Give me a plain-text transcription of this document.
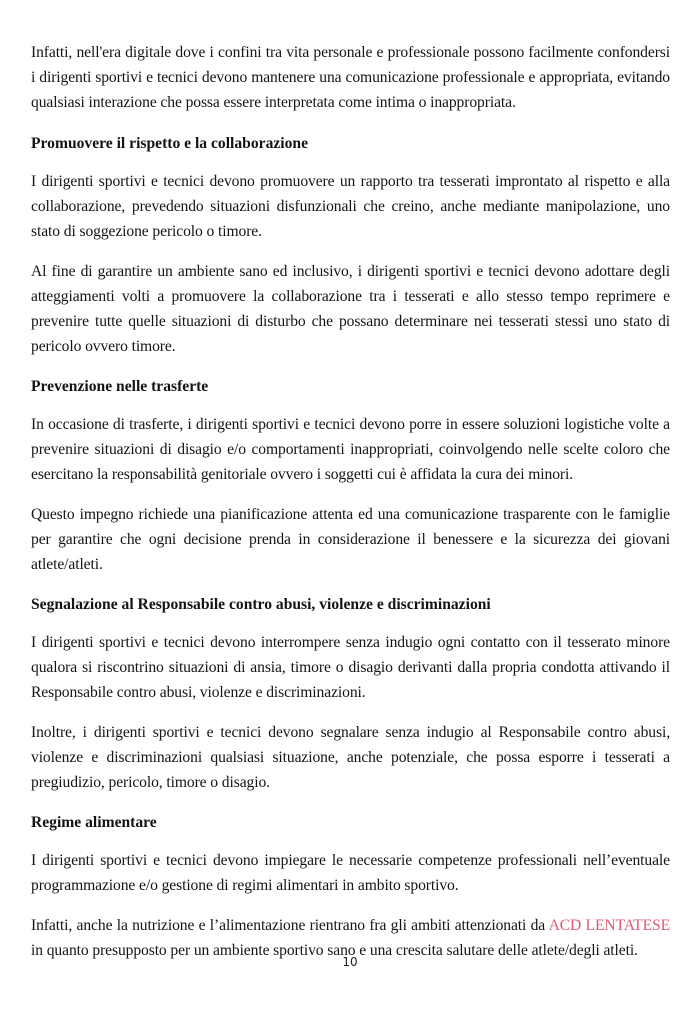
Infatti, nell'era digitale dove i confini tra vita personale e professionale possono facilmente confondersi i dirigenti sportivi e tecnici devono mantenere una comunicazione professionale e appropriata, evitando qualsiasi interazione che possa essere interpretata come intima o inappropriata.

Promuovere il rispetto e la collaborazione

I dirigenti sportivi e tecnici devono promuovere un rapporto tra tesserati improntato al rispetto e alla collaborazione, prevedendo situazioni disfunzionali che creino, anche mediante manipolazione, uno stato di soggezione pericolo o timore.

Al fine di garantire un ambiente sano ed inclusivo, i dirigenti sportivi e tecnici devono adottare degli atteggiamenti volti a promuovere la collaborazione tra i tesserati e allo stesso tempo reprimere e prevenire tutte quelle situazioni di disturbo che possano determinare nei tesserati stessi uno stato di pericolo ovvero timore.

Prevenzione nelle trasferte

In occasione di trasferte, i dirigenti sportivi e tecnici devono porre in essere soluzioni logistiche volte a prevenire situazioni di disagio e/o comportamenti inappropriati, coinvolgendo nelle scelte coloro che esercitano la responsabilità genitoriale ovvero i soggetti cui è affidata la cura dei minori.

Questo impegno richiede una pianificazione attenta ed una comunicazione trasparente con le famiglie per garantire che ogni decisione prenda in considerazione il benessere e la sicurezza dei giovani atlete/atleti.

Segnalazione al Responsabile contro abusi, violenze e discriminazioni

I dirigenti sportivi e tecnici devono interrompere senza indugio ogni contatto con il tesserato minore qualora si riscontrino situazioni di ansia, timore o disagio derivanti dalla propria condotta attivando il Responsabile contro abusi, violenze e discriminazioni.

Inoltre, i dirigenti sportivi e tecnici devono segnalare senza indugio al Responsabile contro abusi, violenze e discriminazioni qualsiasi situazione, anche potenziale, che possa esporre i tesserati a pregiudizio, pericolo, timore o disagio.

Regime alimentare

I dirigenti sportivi e tecnici devono impiegare le necessarie competenze professionali nell’eventuale programmazione e/o gestione di regimi alimentari in ambito sportivo.

Infatti, anche la nutrizione e l’alimentazione rientrano fra gli ambiti attenzionati da ACD LENTATESE in quanto presupposto per un ambiente sportivo sano e una crescita salutare delle atlete/degli atleti.

10
